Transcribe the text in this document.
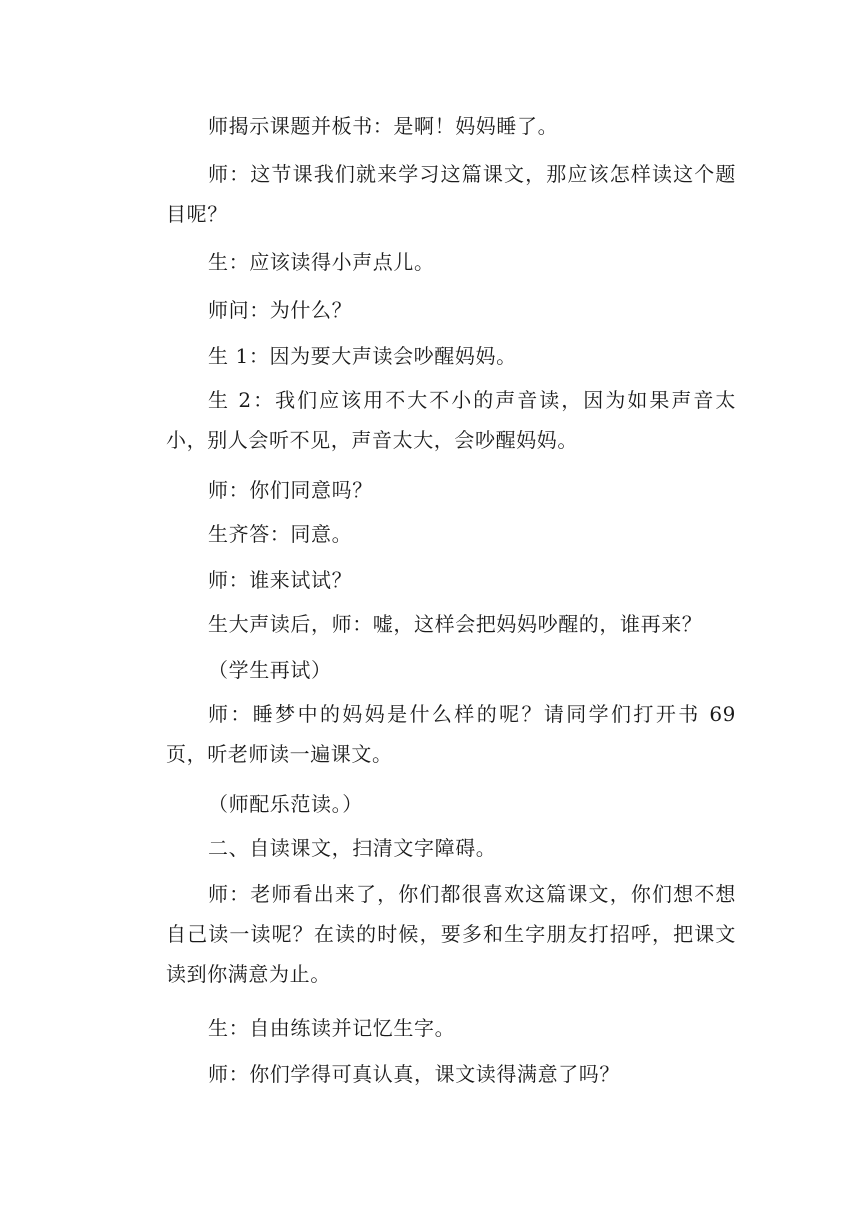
师揭示课题并板书：是啊！妈妈睡了。

师：这节课我们就来学习这篇课文，那应该怎样读这个题目呢？

生：应该读得小声点儿。

师问：为什么？

生 1：因为要大声读会吵醒妈妈。

生 2：我们应该用不大不小的声音读，因为如果声音太小，别人会听不见，声音太大，会吵醒妈妈。

师：你们同意吗？

生齐答：同意。

师：谁来试试？

生大声读后，师：嘘，这样会把妈妈吵醒的，谁再来？

（学生再试）

师：睡梦中的妈妈是什么样的呢？请同学们打开书 69 页，听老师读一遍课文。

（师配乐范读。）

二、自读课文，扫清文字障碍。

师：老师看出来了，你们都很喜欢这篇课文，你们想不想自己读一读呢？在读的时候，要多和生字朋友打招呼，把课文读到你满意为止。

生：自由练读并记忆生字。

师：你们学得可真认真，课文读得满意了吗？
